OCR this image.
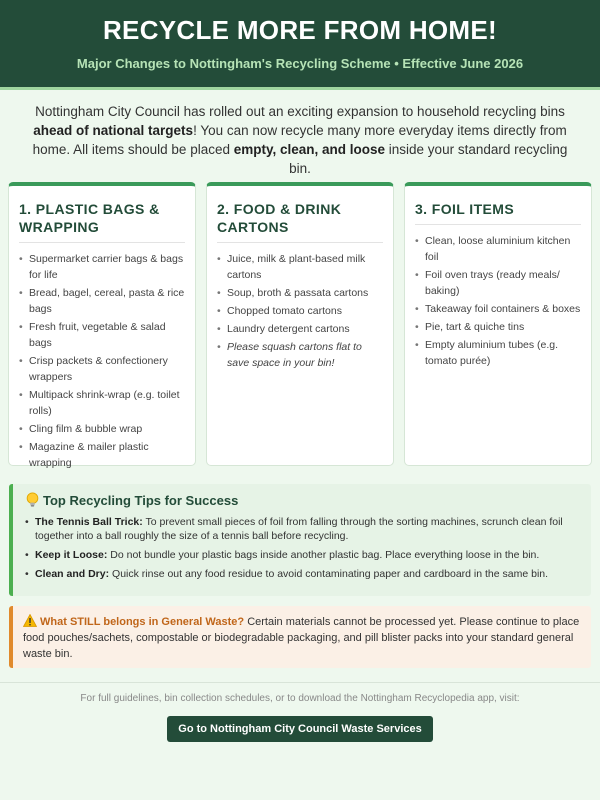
RECYCLE MORE FROM HOME!
Major Changes to Nottingham's Recycling Scheme • Effective June 2026
Nottingham City Council has rolled out an exciting expansion to household recycling bins ahead of national targets! You can now recycle many more everyday items directly from home. All items should be placed empty, clean, and loose inside your standard recycling bin.
1. PLASTIC BAGS & WRAPPING
• Supermarket carrier bags & bags for life
• Bread, bagel, cereal, pasta & rice bags
• Fresh fruit, vegetable & salad bags
• Crisp packets & confectionery wrappers
• Multipack shrink-wrap (e.g. toilet rolls)
• Cling film & bubble wrap
• Magazine & mailer plastic wrapping
2. FOOD & DRINK CARTONS
• Juice, milk & plant-based milk cartons
• Soup, broth & passata cartons
• Chopped tomato cartons
• Laundry detergent cartons
• Please squash cartons flat to save space in your bin!
3. FOIL ITEMS
• Clean, loose aluminium kitchen foil
• Foil oven trays (ready meals/ baking)
• Takeaway foil containers & boxes
• Pie, tart & quiche tins
• Empty aluminium tubes (e.g. tomato purée)
Top Recycling Tips for Success
• The Tennis Ball Trick: To prevent small pieces of foil from falling through the sorting machines, scrunch clean foil together into a ball roughly the size of a tennis ball before recycling.
• Keep it Loose: Do not bundle your plastic bags inside another plastic bag. Place everything loose in the bin.
• Clean and Dry: Quick rinse out any food residue to avoid contaminating paper and cardboard in the same bin.
What STILL belongs in General Waste? Certain materials cannot be processed yet. Please continue to place food pouches/sachets, compostable or biodegradable packaging, and pill blister packs into your standard general waste bin.
For full guidelines, bin collection schedules, or to download the Nottingham Recyclopedia app, visit:
Go to Nottingham City Council Waste Services
